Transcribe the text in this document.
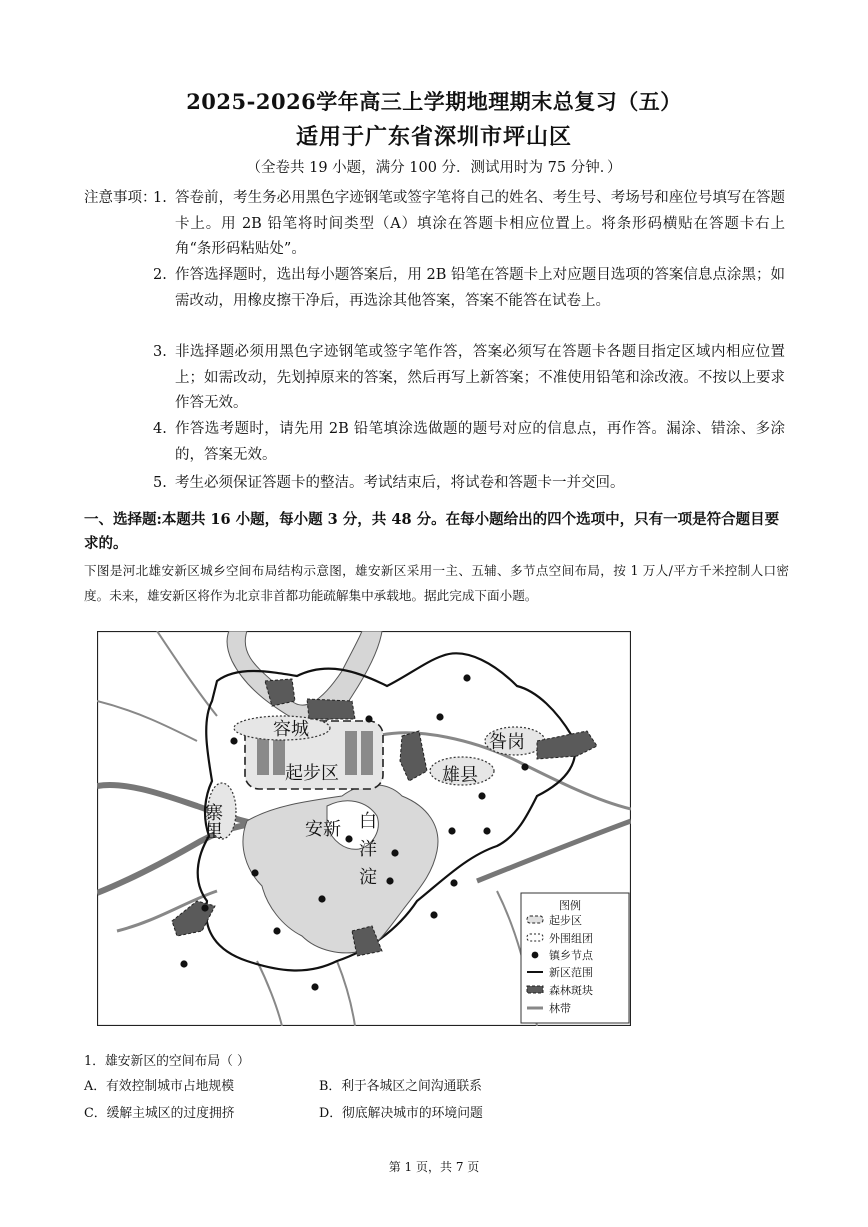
2025-2026学年高三上学期地理期末总复习（五）
适用于广东省深圳市坪山区
（全卷共 19 小题，满分 100 分．测试用时为 75 分钟．）
注意事项：
1. 答卷前，考生务必用黑色字迹钢笔或签字笔将自己的姓名、考生号、考场号和座位号填写在答题卡上。用 2B 铅笔将时间类型（A）填涂在答题卡相应位置上。将条形码横贴在答题卡右上角“条形码粘贴处”。

2. 作答选择题时，选出每小题答案后，用 2B 铅笔在答题卡上对应题目选项的答案信息点涂黑；如需改动，用橡皮擦干净后，再选涂其他答案，答案不能答在试卷上。

3. 非选择题必须用黑色字迹钢笔或签字笔作答，答案必须写在答题卡各题目指定区域内相应位置上；如需改动，先划掉原来的答案，然后再写上新答案；不准使用铅笔和涂改液。不按以上要求作答无效。

4. 作答选考题时，请先用 2B 铅笔填涂选做题的题号对应的信息点，再作答。漏涂、错涂、多涂的，答案无效。

5. 考生必须保证答题卡的整洁。考试结束后，将试卷和答题卡一并交回。

一、选择题:本题共 16 小题，每小题 3 分，共 48 分。在每小题给出的四个选项中，只有一项是符合题目要求的。
下图是河北雄安新区城乡空间布局结构示意图，雄安新区采用一主、五辅、多节点空间布局，按 1 万人/平方千米控制人口密度。未来，雄安新区将作为北京非首都功能疏解集中承载地。据此完成下面小题。
容城
起步区
昝岗
雄县
安新
寨里	白洋淀
图例
起步区
外围组团
镇乡节点
新区范围
森林斑块
林带
1．雄安新区的空间布局（ ）
A．有效控制城市占地规模	B．利于各城区之间沟通联系
C．缓解主城区的过度拥挤	D．彻底解决城市的环境问题
第 1 页，共 7 页
